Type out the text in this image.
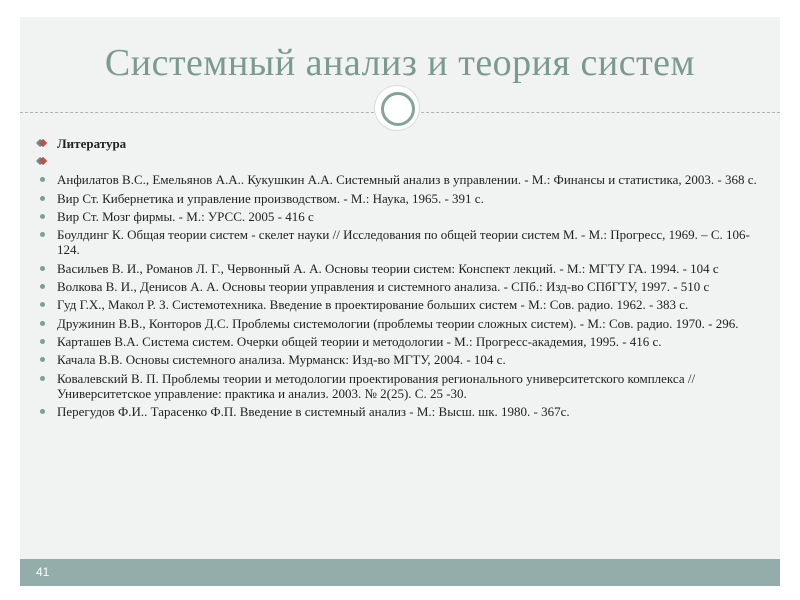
Системный анализ и теория систем
Литература
Анфилатов В.С., Емельянов А.А.. Кукушкин А.А. Системный анализ в управлении. - М.: Финансы и статистика, 2003. - 368 с.
Вир Ст. Кибернетика и управление производством. - М.: Наука, 1965. - 391 с.
Вир Ст. Мозг фирмы. - М.: УРСС. 2005 - 416 с
Боулдинг К. Общая теории систем - скелет науки // Исследования по общей теории систем М. - М.: Прогресс, 1969. – С. 106-124.
Васильев В. И., Романов Л. Г., Червонный А. А. Основы теории систем: Конспект лекций. - М.: МГТУ ГА. 1994. - 104 с
Волкова В. И., Денисов А. А. Основы теории управления и системного анализа. - СПб.: Изд-во СПбГТУ, 1997. - 510 с
Гуд Г.Х., Макол Р. З. Системотехника. Введение в проектирование больших систем - М.: Сов. радио. 1962. - 383 с.
Дружинин В.В., Конторов Д.С. Проблемы системологии (проблемы теории сложных систем). - М.: Сов. радио. 1970. - 296.
Карташев В.А. Система систем. Очерки общей теории и методологии - М.: Прогресс-академия, 1995. - 416 с.
Качала В.В. Основы системного анализа. Мурманск: Изд-во МГТУ, 2004. - 104 с.
Ковалевский В. П. Проблемы теории и методологии проектирования регионального университетского комплекса // Университетское управление: практика и анализ. 2003. № 2(25). С. 25 -30.
Перегудов Ф.И.. Тарасенко Ф.П. Введение в системный анализ - М.: Высш. шк. 1980. - 367с.
41
